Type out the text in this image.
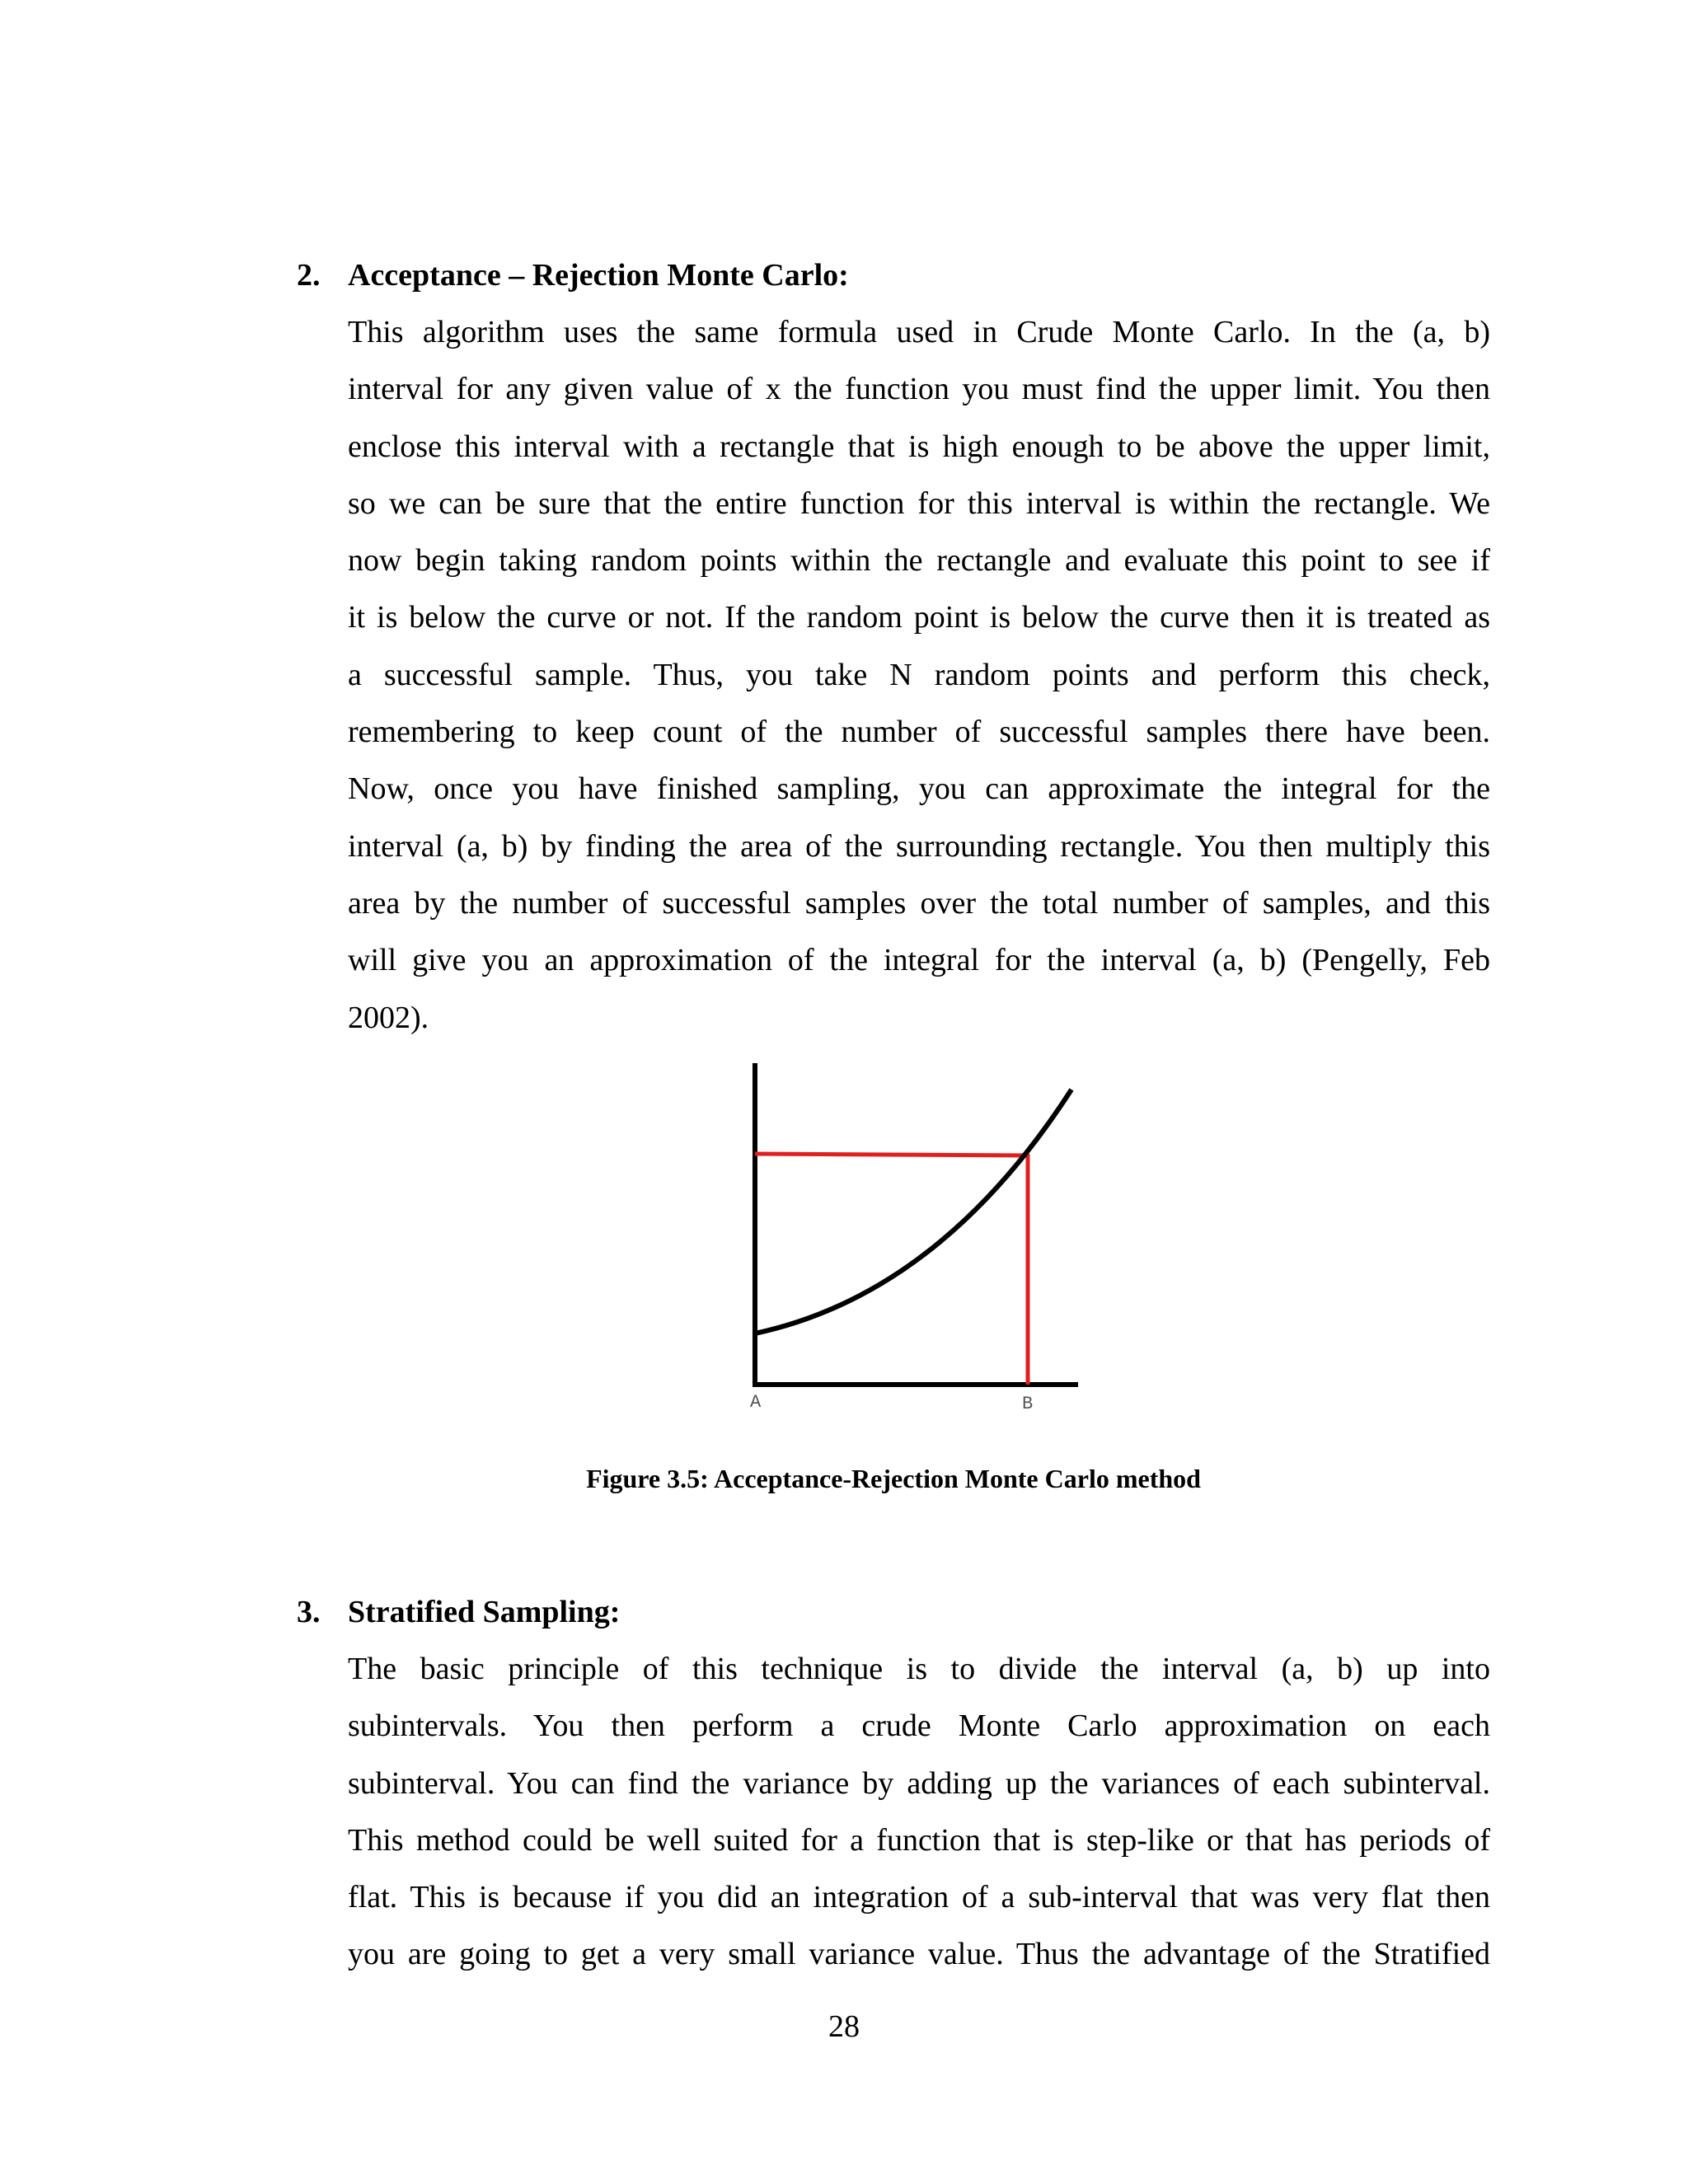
2. Acceptance – Rejection Monte Carlo:
This algorithm uses the same formula used in Crude Monte Carlo. In the (a, b)
interval for any given value of x the function you must find the upper limit. You then
enclose this interval with a rectangle that is high enough to be above the upper limit,
so we can be sure that the entire function for this interval is within the rectangle. We
now begin taking random points within the rectangle and evaluate this point to see if
it is below the curve or not. If the random point is below the curve then it is treated as
a successful sample. Thus, you take N random points and perform this check,
remembering to keep count of the number of successful samples there have been.
Now, once you have finished sampling, you can approximate the integral for the
interval (a, b) by finding the area of the surrounding rectangle. You then multiply this
area by the number of successful samples over the total number of samples, and this
will give you an approximation of the integral for the interval (a, b) (Pengelly, Feb
2002).
A	B
Figure 3.5: Acceptance-Rejection Monte Carlo method
3. Stratified Sampling:
The basic principle of this technique is to divide the interval (a, b) up into
subintervals. You then perform a crude Monte Carlo approximation on each
subinterval. You can find the variance by adding up the variances of each subinterval.
This method could be well suited for a function that is step-like or that has periods of
flat. This is because if you did an integration of a sub-interval that was very flat then
you are going to get a very small variance value. Thus the advantage of the Stratified
28
